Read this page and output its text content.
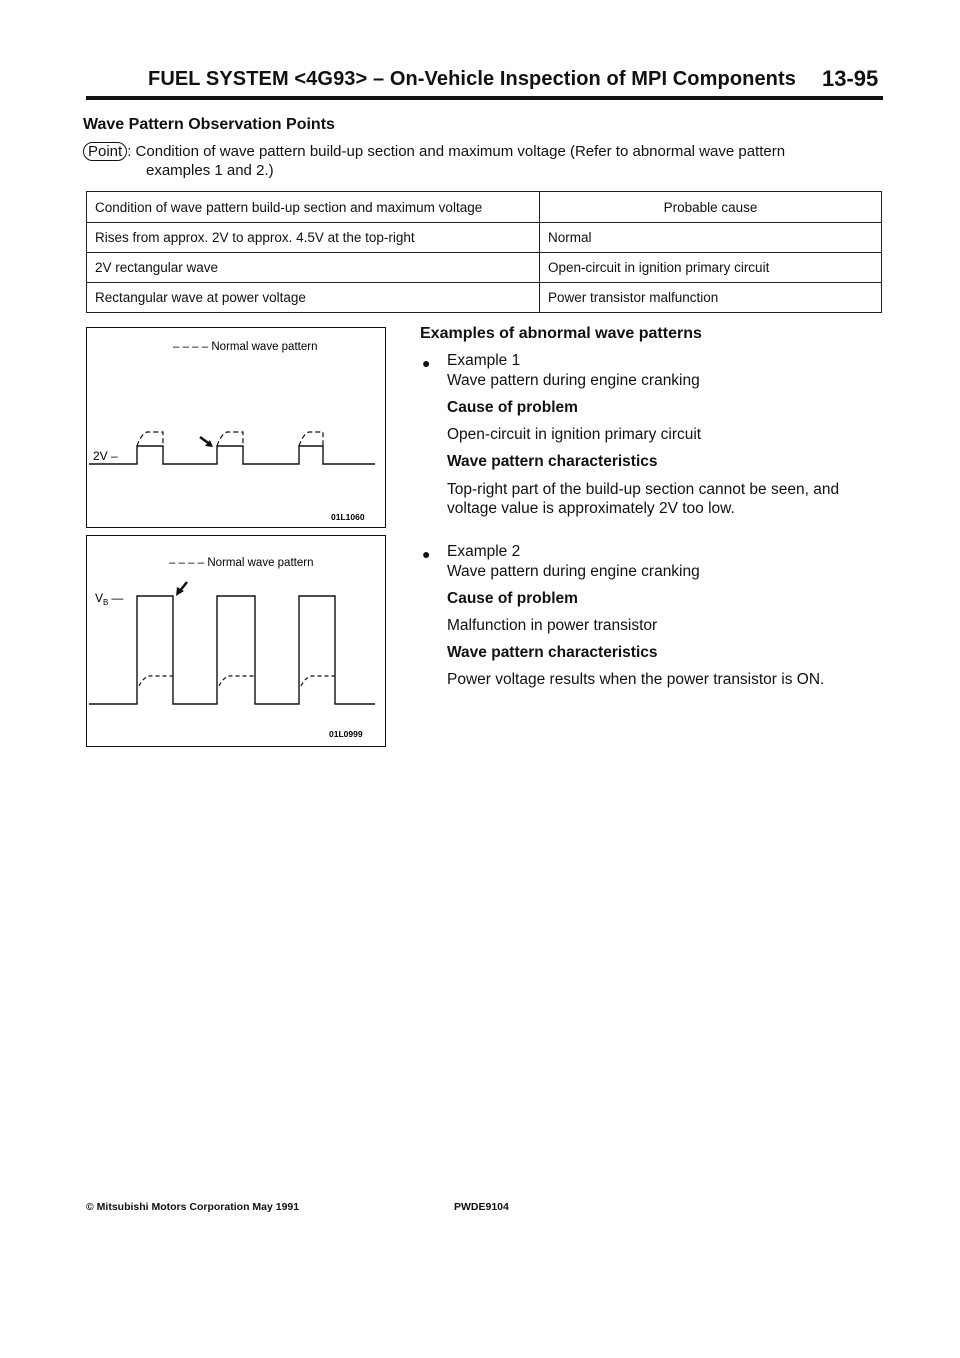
FUEL SYSTEM <4G93> – On-Vehicle Inspection of MPI Components 13-95
Wave Pattern Observation Points
Point : Condition of wave pattern build-up section and maximum voltage (Refer to abnormal wave pattern
examples 1 and 2.)
Condition of wave pattern build-up section and maximum voltage	Probable cause
Rises from approx. 2V to approx. 4.5V at the top-right	Normal
2V rectangular wave	Open-circuit in ignition primary circuit
Rectangular wave at power voltage	Power transistor malfunction
– – – – Normal wave pattern
2V –
01L1060
– – – – Normal wave pattern
$V_B$ —
01L0999
Examples of abnormal wave patterns
● Example 1
Wave pattern during engine cranking
Cause of problem
Open-circuit in ignition primary circuit
Wave pattern characteristics
Top-right part of the build-up section cannot be seen, and
voltage value is approximately 2V too low.
● Example 2
Wave pattern during engine cranking
Cause of problem
Malfunction in power transistor
Wave pattern characteristics
Power voltage results when the power transistor is ON.
© Mitsubishi Motors Corporation May 1991	PWDE9104
